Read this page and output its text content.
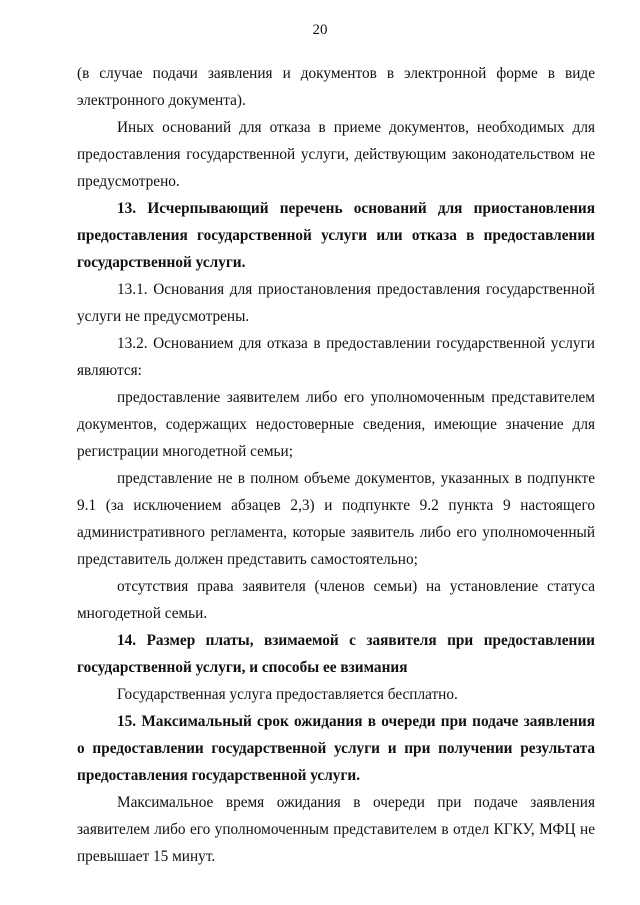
20

(в случае подачи заявления и документов в электронной форме в виде электронного документа).

Иных оснований для отказа в приеме документов, необходимых для предоставления государственной услуги, действующим законодательством не предусмотрено.

13. Исчерпывающий перечень оснований для приостановления предоставления государственной услуги или отказа в предоставлении государственной услуги.

13.1. Основания для приостановления предоставления государственной услуги не предусмотрены.

13.2. Основанием для отказа в предоставлении государственной услуги являются:

предоставление заявителем либо его уполномоченным представителем документов, содержащих недостоверные сведения, имеющие значение для регистрации многодетной семьи;

представление не в полном объеме документов, указанных в подпункте 9.1 (за исключением абзацев 2,3) и подпункте 9.2 пункта 9 настоящего административного регламента, которые заявитель либо его уполномоченный представитель должен представить самостоятельно;

отсутствия права заявителя (членов семьи) на установление статуса многодетной семьи.

14. Размер платы, взимаемой с заявителя при предоставлении государственной услуги, и способы ее взимания

Государственная услуга предоставляется бесплатно.

15. Максимальный срок ожидания в очереди при подаче заявления о предоставлении государственной услуги и при получении результата предоставления государственной услуги.

Максимальное время ожидания в очереди при подаче заявления заявителем либо его уполномоченным представителем в отдел КГКУ, МФЦ не превышает 15 минут.
